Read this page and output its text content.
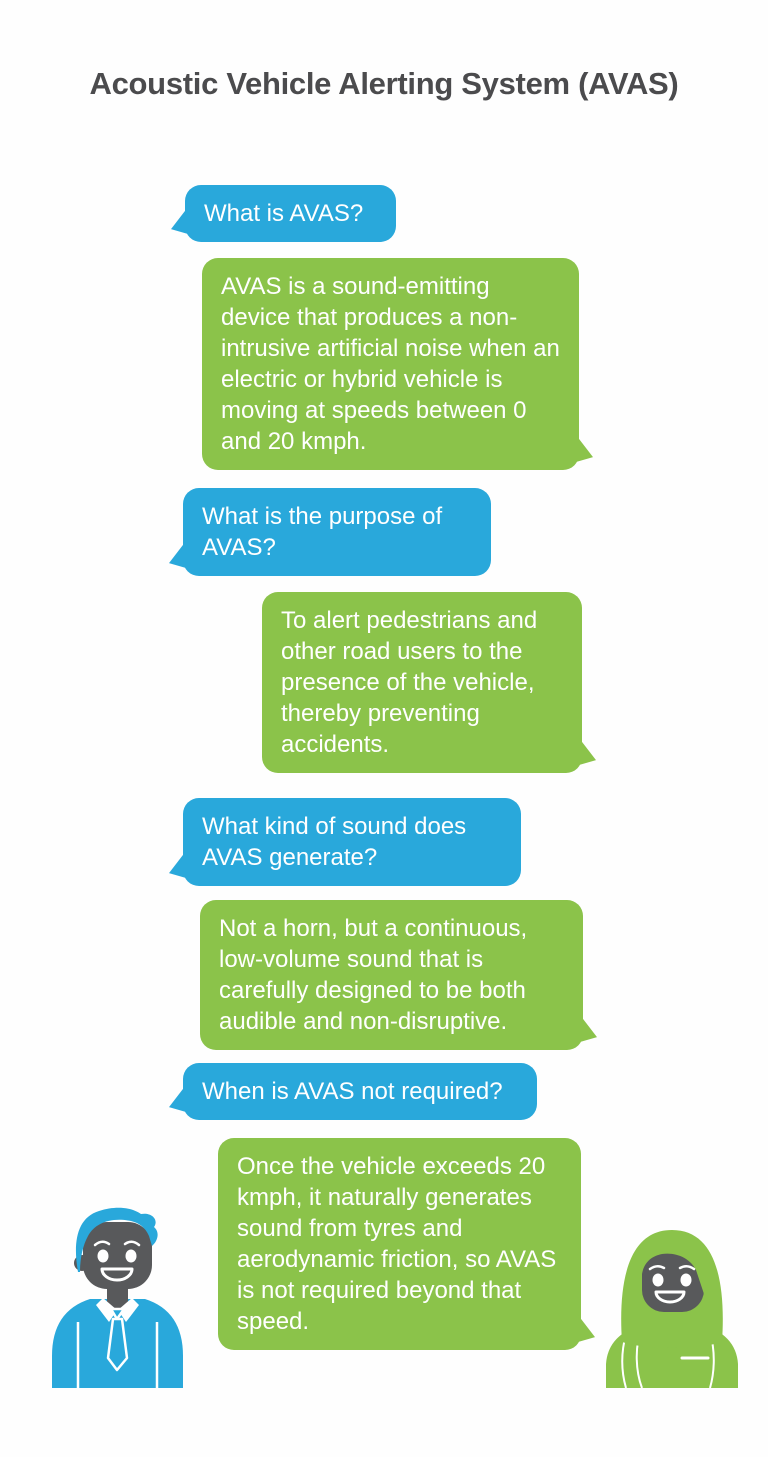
Acoustic Vehicle Alerting System (AVAS)
What is AVAS?
AVAS is a sound-emitting device that produces a non-intrusive artificial noise when an electric or hybrid vehicle is moving at speeds between 0 and 20 kmph.
What is the purpose of AVAS?
To alert pedestrians and other road users to the presence of the vehicle, thereby preventing accidents.
What kind of sound does AVAS generate?
Not a horn, but a continuous, low-volume sound that is carefully designed to be both audible and non-disruptive.
When is AVAS not required?
Once the vehicle exceeds 20 kmph, it naturally generates sound from tyres and aerodynamic friction, so AVAS is not required beyond that speed.
